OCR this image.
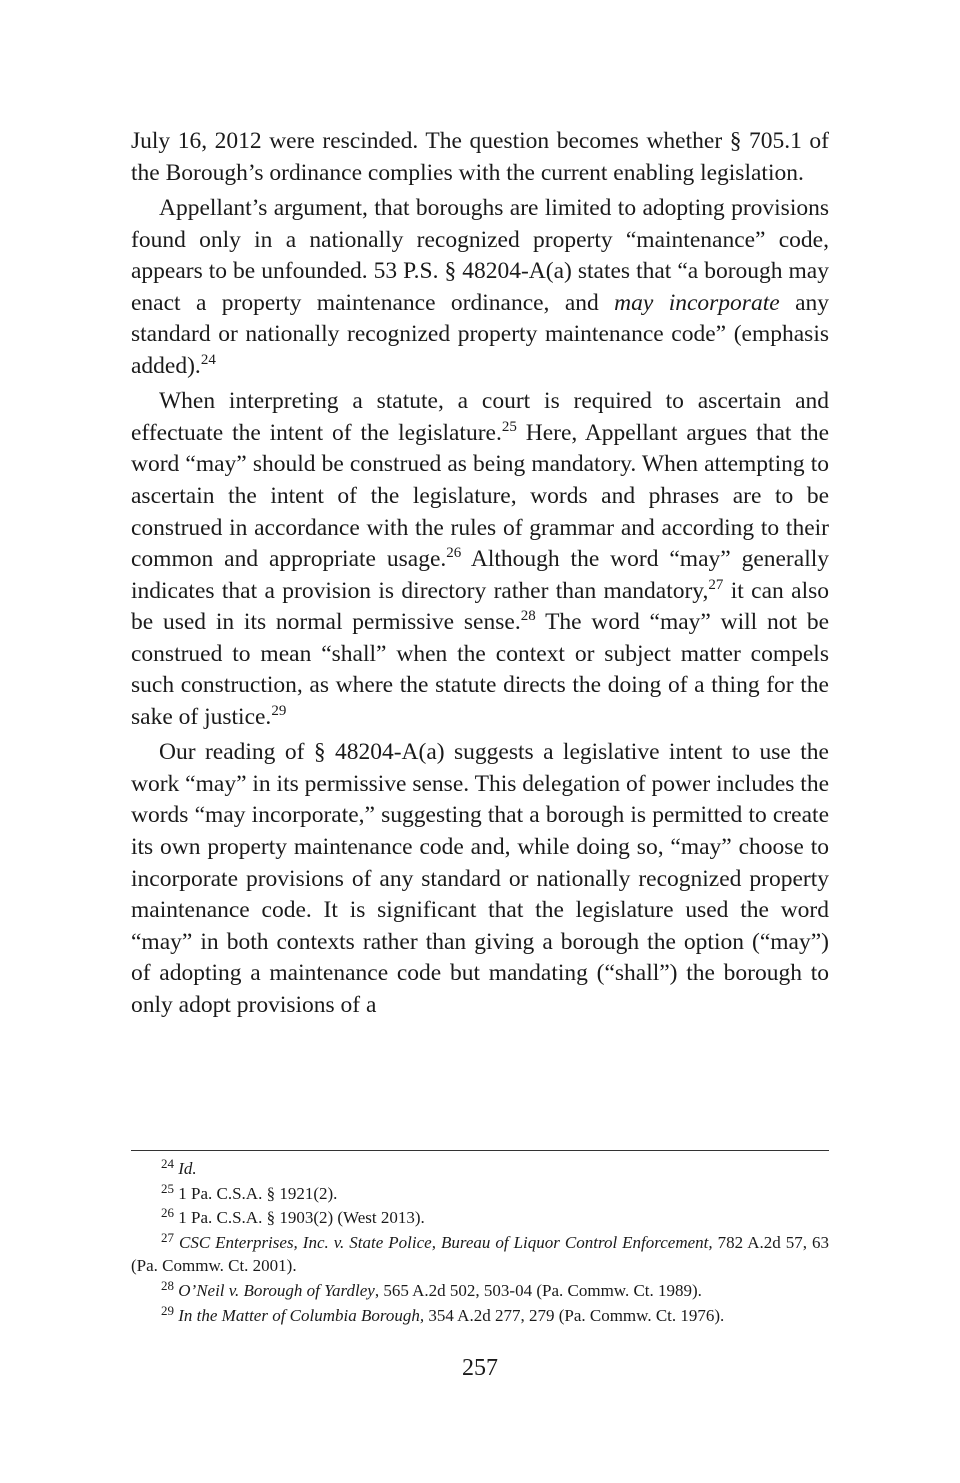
July 16, 2012 were rescinded. The question becomes whether § 705.1 of the Borough’s ordinance complies with the current enabling legislation.

Appellant’s argument, that boroughs are limited to adopting provisions found only in a nationally recognized property “maintenance” code, appears to be unfounded. 53 P.S. § 48204-A(a) states that “a borough may enact a property maintenance ordinance, and may incorporate any standard or nationally recognized property maintenance code” (emphasis added).$^{24}$

When interpreting a statute, a court is required to ascertain and effectuate the intent of the legislature.$^{25}$ Here, Appellant argues that the word “may” should be construed as being mandatory. When attempting to ascertain the intent of the legislature, words and phrases are to be construed in accordance with the rules of grammar and according to their common and appropriate usage.$^{26}$ Although the word “may” generally indicates that a provision is directory rather than mandatory,$^{27}$ it can also be used in its normal permissive sense.$^{28}$ The word “may” will not be construed to mean “shall” when the context or subject matter compels such construction, as where the statute directs the doing of a thing for the sake of justice.$^{29}$

Our reading of § 48204-A(a) suggests a legislative intent to use the work “may” in its permissive sense. This delegation of power includes the words “may incorporate,” suggesting that a borough is permitted to create its own property maintenance code and, while doing so, “may” choose to incorporate provisions of any standard or nationally recognized property maintenance code. It is significant that the legislature used the word “may” in both contexts rather than giving a borough the option (“may”) of adopting a maintenance code but mandating (“shall”) the borough to only adopt provisions of a

$^{24}$ Id.

$^{25}$ 1 Pa. C.S.A. § 1921(2).

$^{26}$ 1 Pa. C.S.A. § 1903(2) (West 2013).

$^{27}$ CSC Enterprises, Inc. v. State Police, Bureau of Liquor Control Enforcement, 782 A.2d 57, 63 (Pa. Commw. Ct. 2001).

$^{28}$ O’Neil v. Borough of Yardley, 565 A.2d 502, 503-04 (Pa. Commw. Ct. 1989).

$^{29}$ In the Matter of Columbia Borough, 354 A.2d 277, 279 (Pa. Commw. Ct. 1976).

257
